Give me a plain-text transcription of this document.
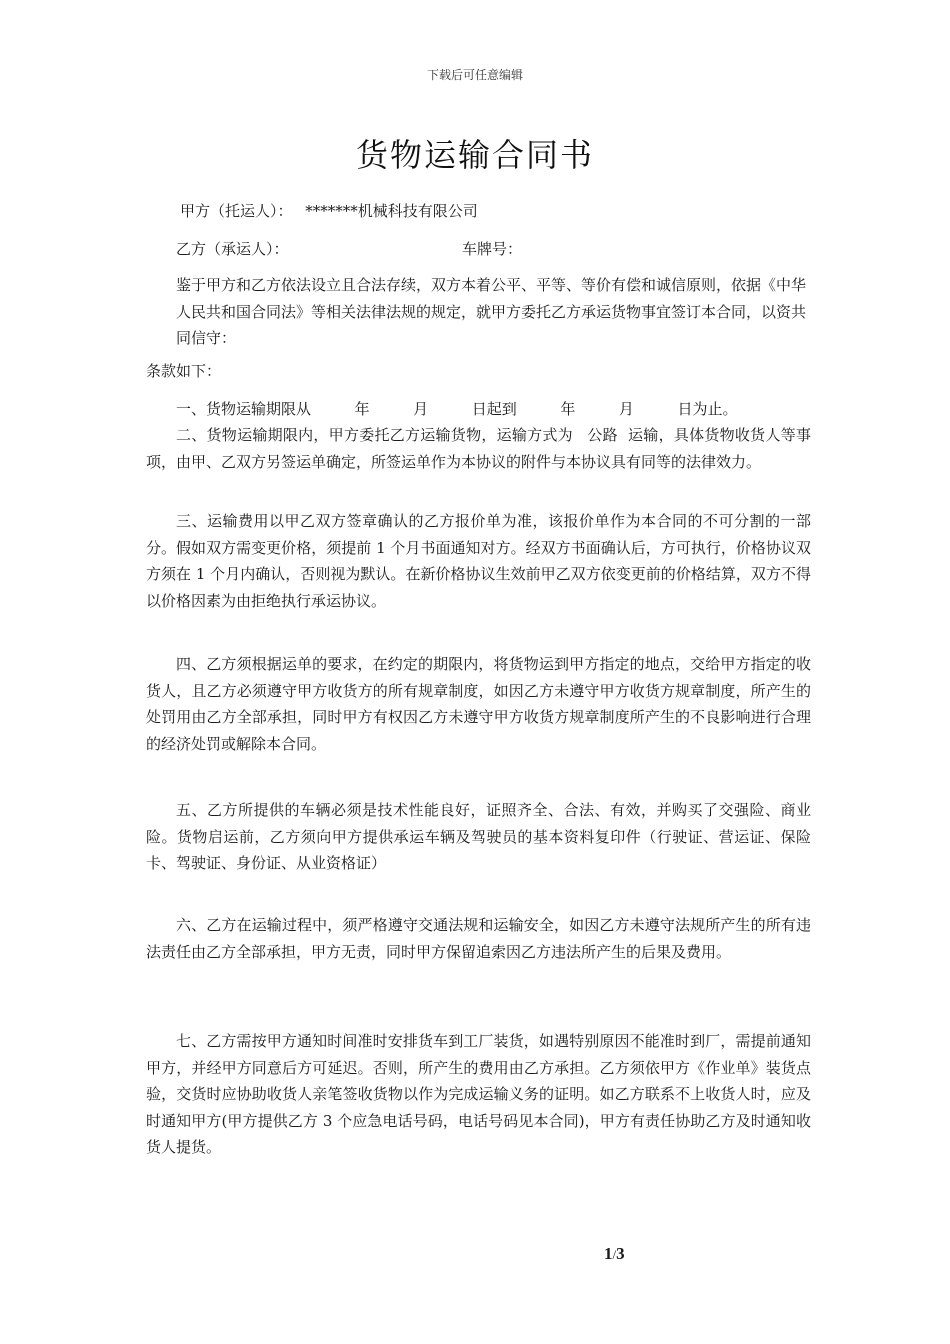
下载后可任意编辑
货物运输合同书
甲方（托运人）： *******机械科技有限公司
乙方（承运人）：	车牌号：

鉴于甲方和乙方依法设立且合法存续，双方本着公平、平等、等价有偿和诚信原则，依据《中华人民共和国合同法》等相关法律法规的规定，就甲方委托乙方承运货物事宜签订本合同，以资共同信守：

条款如下：
一、货物运输期限从	年	月	日起到	年	月	日为止。

二、货物运输期限内，甲方委托乙方运输货物，运输方式为 公路 运输，具体货物收货人等事项，由甲、乙双方另签运单确定，所签运单作为本协议的附件与本协议具有同等的法律效力。

三、运输费用以甲乙双方签章确认的乙方报价单为准，该报价单作为本合同的不可分割的一部分。假如双方需变更价格，须提前 1 个月书面通知对方。经双方书面确认后，方可执行，价格协议双方须在 1 个月内确认，否则视为默认。在新价格协议生效前甲乙双方依变更前的价格结算，双方不得以价格因素为由拒绝执行承运协议。

四、乙方须根据运单的要求，在约定的期限内，将货物运到甲方指定的地点，交给甲方指定的收货人，且乙方必须遵守甲方收货方的所有规章制度，如因乙方未遵守甲方收货方规章制度，所产生的处罚用由乙方全部承担，同时甲方有权因乙方未遵守甲方收货方规章制度所产生的不良影响进行合理的经济处罚或解除本合同。

五、乙方所提供的车辆必须是技术性能良好，证照齐全、合法、有效，并购买了交强险、商业险。货物启运前，乙方须向甲方提供承运车辆及驾驶员的基本资料复印件（行驶证、营运证、保险卡、驾驶证、身份证、从业资格证）

六、乙方在运输过程中，须严格遵守交通法规和运输安全，如因乙方未遵守法规所产生的所有违法责任由乙方全部承担，甲方无责，同时甲方保留追索因乙方违法所产生的后果及费用。

七、乙方需按甲方通知时间准时安排货车到工厂装货，如遇特别原因不能准时到厂，需提前通知甲方，并经甲方同意后方可延迟。否则，所产生的费用由乙方承担。乙方须依甲方《作业单》装货点验，交货时应协助收货人亲笔签收货物以作为完成运输义务的证明。如乙方联系不上收货人时，应及时通知甲方(甲方提供乙方 3 个应急电话号码，电话号码见本合同)，甲方有责任协助乙方及时通知收货人提货。

1/3
